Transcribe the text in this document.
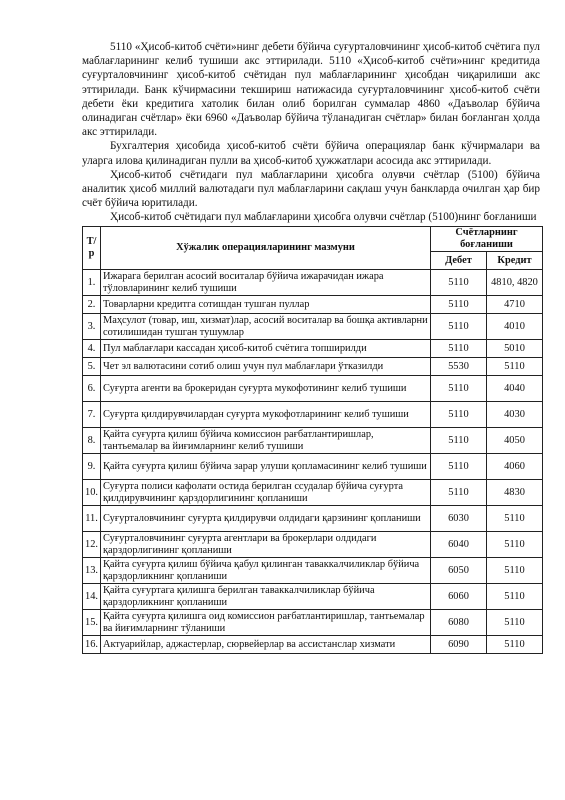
5110 «Ҳисоб-китоб счёти»нинг дебети бўйича суғурталовчининг ҳисоб-китоб счётига пул маблағларининг келиб тушиши акс эттирилади. 5110 «Ҳисоб-китоб счёти»нинг кредитида суғурталовчининг ҳисоб-китоб счётидан пул маблағларининг ҳисобдан чиқарилиши акс эттирилади. Банк кўчирмасини текшириш натижасида суғурталовчининг ҳисоб-китоб счёти дебети ёки кредитига хатолик билан олиб борилган суммалар 4860 «Даъволар бўйича олинадиган счётлар» ёки 6960 «Даъволар бўйича тўланадиган счётлар» билан боғланган ҳолда акс эттирилади.

Бухгалтерия ҳисобида ҳисоб-китоб счёти бўйича операциялар банк кўчирмалари ва уларга илова қилинадиган пулли ва ҳисоб-китоб ҳужжатлари асосида акс эттирилади.

Ҳисоб-китоб счётидаги пул маблағларини ҳисобга олувчи счётлар (5100) бўйича аналитик ҳисоб миллий валютадаги пул маблағларини сақлаш учун банкларда очилган ҳар бир счёт бўйича юритилади.

Ҳисоб-китоб счётидаги пул маблағларини ҳисобга олувчи счётлар (5100)нинг боғланиши

Т/р	Хўжалик операцияларининг мазмуни	Счётларнинг боғланиши	
		Дебет	Кредит
1.	Ижарага берилган асосий воситалар бўйича ижарачидан ижара тўловларининг келиб тушиши	5110	4810, 4820
2.	Товарларни кредитга сотишдан тушган пуллар	5110	4710
3.	Маҳсулот (товар, иш, хизмат)лар, асосий воситалар ва бошқа активларни сотилишидан тушган тушумлар	5110	4010
4.	Пул маблағлари кассадан ҳисоб-китоб счётига топширилди	5110	5010
5.	Чет эл валютасини сотиб олиш учун пул маблағлари ўтказилди	5530	5110
6.	Суғурта агенти ва брокеридан суғурта мукофотининг келиб тушиши	5110	4040
7.	Суғурта қилдирувчилардан суғурта мукофотларининг келиб тушиши	5110	4030
8.	Қайта суғурта қилиш бўйича комиссион рағбатлантиришлар, тантьемалар ва йиғимларнинг келиб тушиши	5110	4050
9.	Қайта суғурта қилиш бўйича зарар улуши қопламасининг келиб тушиши	5110	4060
10.	Суғурта полиси кафолати остида берилган ссудалар бўйича суғурта қилдирувчининг қарздорлигининг қопланиши	5110	4830
11.	Суғурталовчининг суғурта қилдирувчи олдидаги қарзининг қопланиши	6030	5110
12.	Суғурталовчининг суғурта агентлари ва брокерлари олдидаги қарздорлигининг қопланиши	6040	5110
13.	Қайта суғурта қилиш бўйича қабул қилинган таваккалчиликлар бўйича қарздорликнинг қопланиши	6050	5110
14.	Қайта суғуртага қилишга берилган таваккалчиликлар бўйича қарздорликнинг қопланиши	6060	5110
15.	Қайта суғурта қилишга оид комиссион рағбатлантиришлар, тантьемалар ва йиғимларнинг тўланиши	6080	5110
16.	Актуарийлар, аджастерлар, сюрвейерлар ва ассистанслар хизмати	6090	5110
